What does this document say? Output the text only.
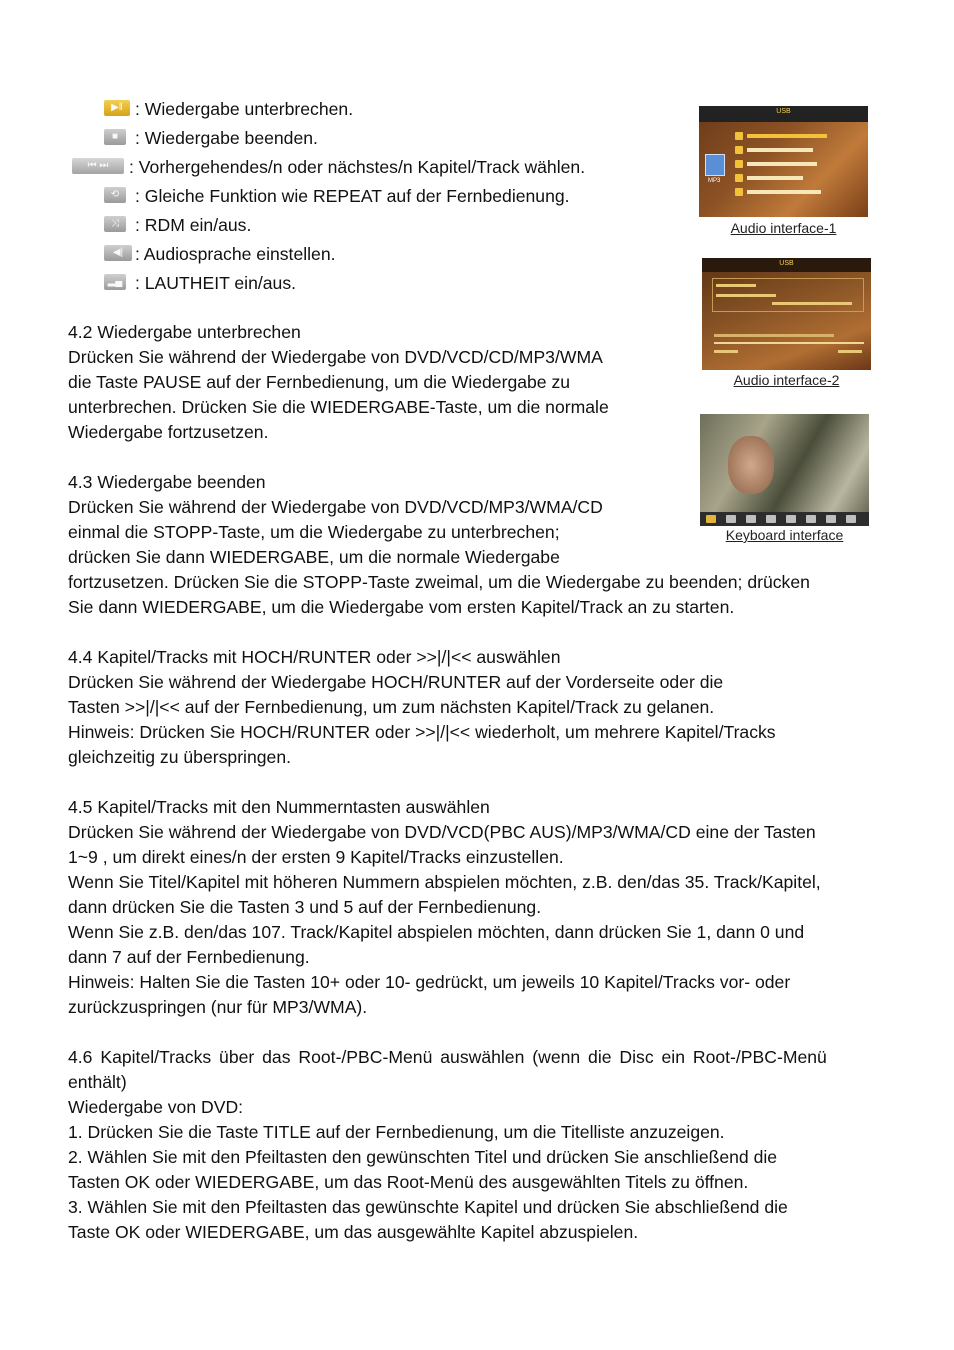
▶‖ : Wiedergabe unterbrechen.
■ : Wiedergabe beenden.
⏮ ⏭	: Vorhergehendes/n oder nächstes/n Kapitel/Track wählen.
⟲ : Gleiche Funktion wie REPEAT auf der Fernbedienung.
⤨ : RDM ein/aus.
◀| : Audiosprache einstellen.
▂▄ : LAUTHEIT ein/aus.
USB
MP3
Audio interface-1
USB
Audio interface-2
Keyboard interface
4.2 Wiedergabe unterbrechen
Drücken Sie während der Wiedergabe von DVD/VCD/CD/MP3/WMA
die Taste PAUSE auf der Fernbedienung, um die Wiedergabe zu
unterbrechen. Drücken Sie die WIEDERGABE-Taste, um die normale
Wiedergabe fortzusetzen.
4.3 Wiedergabe beenden
Drücken Sie während der Wiedergabe von DVD/VCD/MP3/WMA/CD
einmal die STOPP-Taste, um die Wiedergabe zu unterbrechen;
drücken Sie dann WIEDERGABE, um die normale Wiedergabe
fortzusetzen. Drücken Sie die STOPP-Taste zweimal, um die Wiedergabe zu beenden; drücken
Sie dann WIEDERGABE, um die Wiedergabe vom ersten Kapitel/Track an zu starten.
4.4 Kapitel/Tracks mit HOCH/RUNTER oder >>|/|<< auswählen
Drücken Sie während der Wiedergabe HOCH/RUNTER auf der Vorderseite oder die
Tasten >>|/|<< auf der Fernbedienung, um zum nächsten Kapitel/Track zu gelanen.
Hinweis: Drücken Sie HOCH/RUNTER oder >>|/|<< wiederholt, um mehrere Kapitel/Tracks
gleichzeitig zu überspringen.
4.5 Kapitel/Tracks mit den Nummerntasten auswählen
Drücken Sie während der Wiedergabe von DVD/VCD(PBC AUS)/MP3/WMA/CD eine der Tasten
1~9 , um direkt eines/n der ersten 9 Kapitel/Tracks einzustellen.
Wenn Sie Titel/Kapitel mit höheren Nummern abspielen möchten, z.B. den/das 35. Track/Kapitel,
dann drücken Sie die Tasten 3 und 5 auf der Fernbedienung.
Wenn Sie z.B. den/das 107. Track/Kapitel abspielen möchten, dann drücken Sie 1, dann 0 und
dann 7 auf der Fernbedienung.
Hinweis: Halten Sie die Tasten 10+ oder 10- gedrückt, um jeweils 10 Kapitel/Tracks vor- oder
zurückzuspringen (nur für MP3/WMA).
4.6 Kapitel/Tracks über das Root-/PBC-Menü auswählen (wenn die Disc ein Root-/PBC-Menü
enthält)
Wiedergabe von DVD:
1. Drücken Sie die Taste TITLE auf der Fernbedienung, um die Titelliste anzuzeigen.
2. Wählen Sie mit den Pfeiltasten den gewünschten Titel und drücken Sie anschließend die
Tasten OK oder WIEDERGABE, um das Root-Menü des ausgewählten Titels zu öffnen.
3. Wählen Sie mit den Pfeiltasten das gewünschte Kapitel und drücken Sie abschließend die
Taste OK oder WIEDERGABE, um das ausgewählte Kapitel abzuspielen.
